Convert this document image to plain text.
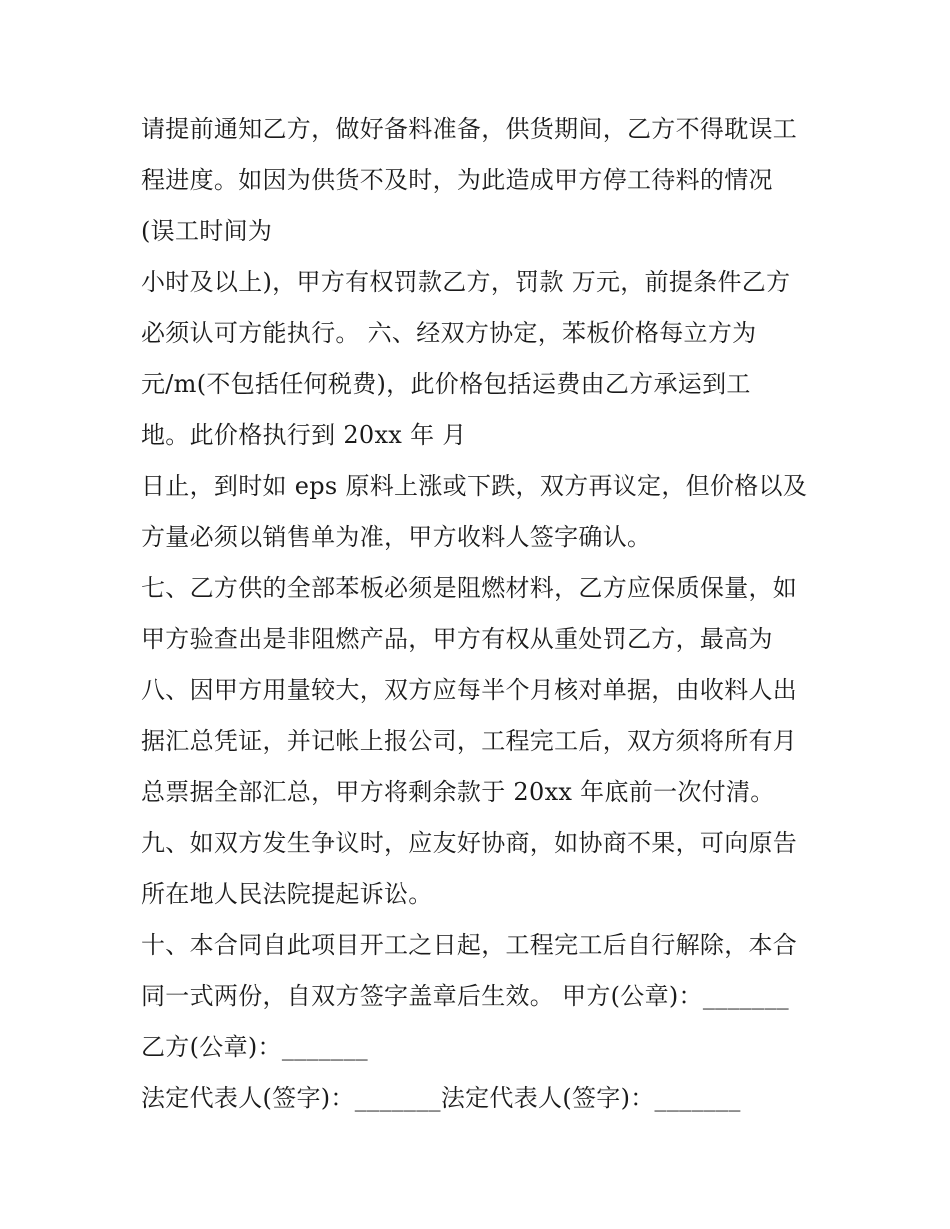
请提前通知乙方，做好备料准备，供货期间，乙方不得耽误工
程进度。如因为供货不及时，为此造成甲方停工待料的情况
(误工时间为
小时及以上)，甲方有权罚款乙方，罚款 万元，前提条件乙方
必须认可方能执行。 六、经双方协定，苯板价格每立方为
元/m(不包括任何税费)，此价格包括运费由乙方承运到工
地。此价格执行到 20xx 年 月
日止，到时如 eps 原料上涨或下跌，双方再议定，但价格以及
方量必须以销售单为准，甲方收料人签字确认。
七、乙方供的全部苯板必须是阻燃材料，乙方应保质保量，如
甲方验查出是非阻燃产品，甲方有权从重处罚乙方，最高为
八、因甲方用量较大，双方应每半个月核对单据，由收料人出
据汇总凭证，并记帐上报公司，工程完工后，双方须将所有月
总票据全部汇总，甲方将剩余款于 20xx 年底前一次付清。
九、如双方发生争议时，应友好协商，如协商不果，可向原告
所在地人民法院提起诉讼。
十、本合同自此项目开工之日起，工程完工后自行解除，本合
同一式两份，自双方签字盖章后生效。 甲方(公章)：_______
乙方(公章)：_______
法定代表人(签字)：_______法定代表人(签字)：_______
